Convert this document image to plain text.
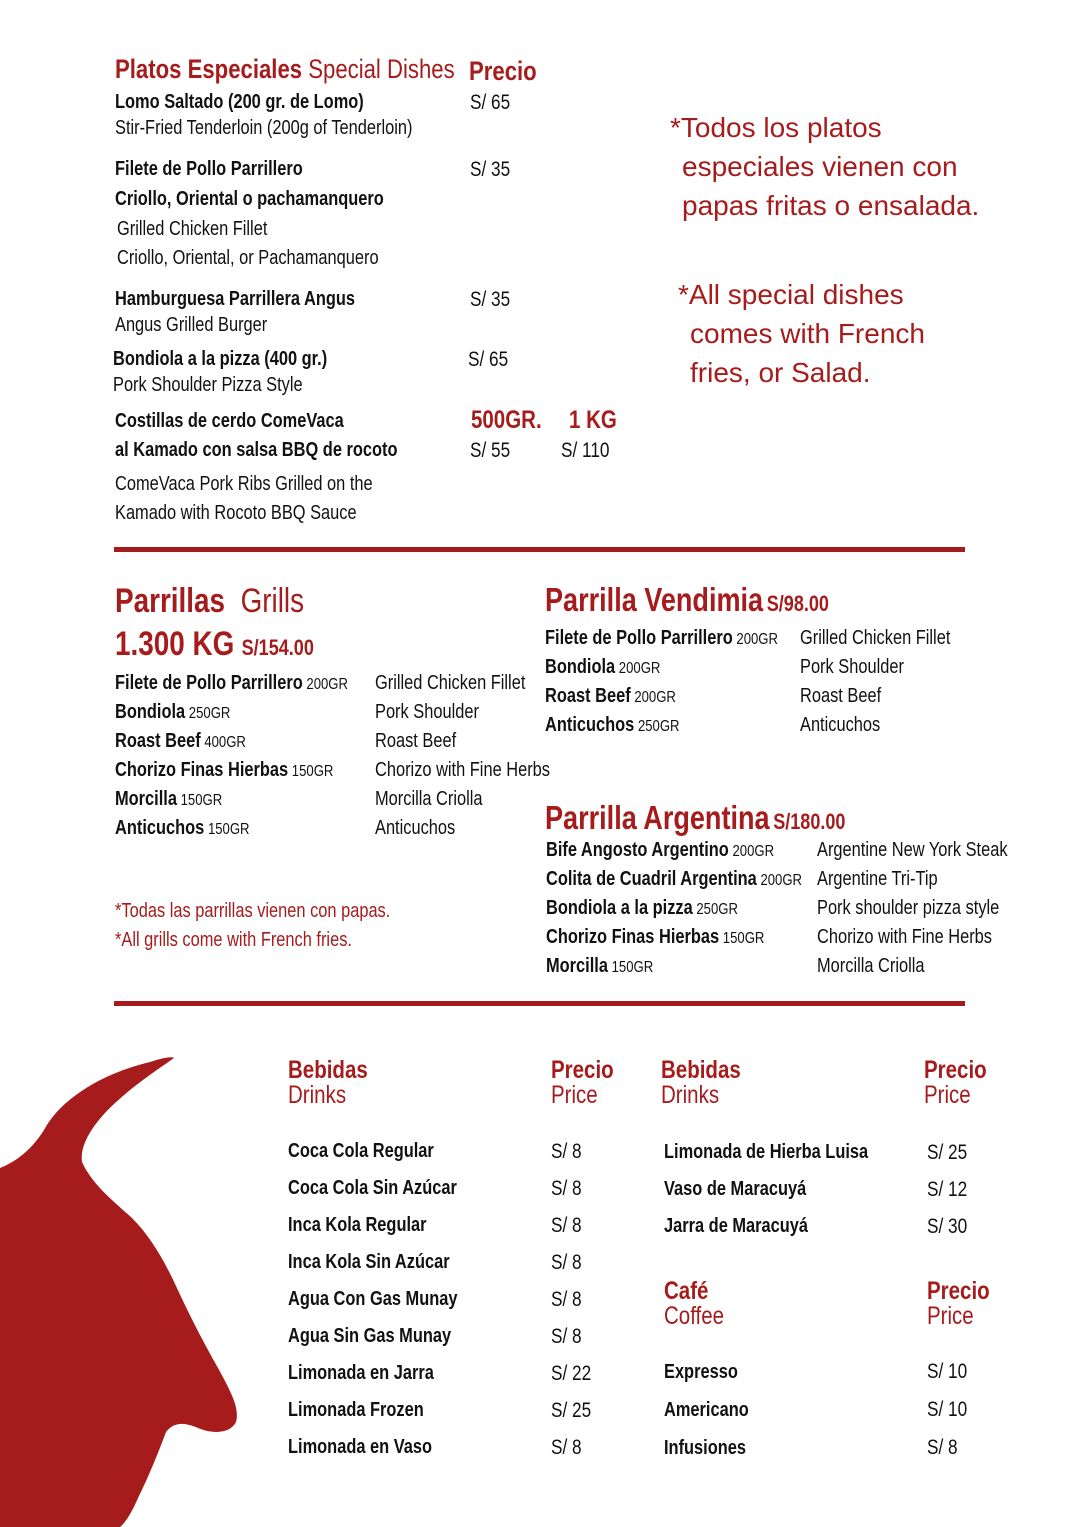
Platos Especiales Special Dishes Precio
Lomo Saltado (200 gr. de Lomo)
Stir-Fried Tenderloin (200g of Tenderloin)
S/ 65
Filete de Pollo Parrillero
Criollo, Oriental o pachamanquero
Grilled Chicken Fillet
Criollo, Oriental, or Pachamanquero
S/ 35
Hamburguesa Parrillera Angus
Angus Grilled Burger
S/ 35
Bondiola a la pizza (400 gr.)
Pork Shoulder Pizza Style
S/ 65
Costillas de cerdo ComeVaca
al Kamado con salsa BBQ de rocoto
ComeVaca Pork Ribs Grilled on the
Kamado with Rocoto BBQ Sauce
500GR.	1 KG
S/ 55	S/ 110
*Todos los platos especiales vienen con papas fritas o ensalada.
*All special dishes comes with French fries, or Salad.
Parrillas Grills
1.300 KG S/154.00
Filete de Pollo Parrillero 200GR
Bondiola 250GR
Roast Beef 400GR
Chorizo Finas Hierbas 150GR
Morcilla 150GR
Anticuchos 150GR
Grilled Chicken Fillet
Pork Shoulder
Roast Beef
Chorizo with Fine Herbs
Morcilla Criolla
Anticuchos
*Todas las parrillas vienen con papas.
*All grills come with French fries.
Parrilla Vendimia S/98.00
Filete de Pollo Parrillero 200GR
Bondiola 200GR
Roast Beef 200GR
Anticuchos 250GR
Grilled Chicken Fillet
Pork Shoulder
Roast Beef
Anticuchos
Parrilla Argentina S/180.00
Bife Angosto Argentino 200GR
Colita de Cuadril Argentina 200GR
Bondiola a la pizza 250GR
Chorizo Finas Hierbas 150GR
Morcilla 150GR
Argentine New York Steak
Argentine Tri-Tip
Pork shoulder pizza style
Chorizo with Fine Herbs
Morcilla Criolla
Bebidas
Drinks
Precio
Price
Coca Cola Regular
Coca Cola Sin Azúcar
Inca Kola Regular
Inca Kola Sin Azúcar
Agua Con Gas Munay
Agua Sin Gas Munay
Limonada en Jarra
Limonada Frozen
Limonada en Vaso
S/ 8
S/ 8
S/ 8
S/ 8
S/ 8
S/ 8
S/ 22
S/ 25
S/ 8
Bebidas
Drinks
Precio
Price
Limonada de Hierba Luisa
Vaso de Maracuyá
Jarra de Maracuyá
S/ 25
S/ 12
S/ 30
Café
Coffee
Precio
Price
Expresso
Americano
Infusiones
S/ 10
S/ 10
S/ 8
